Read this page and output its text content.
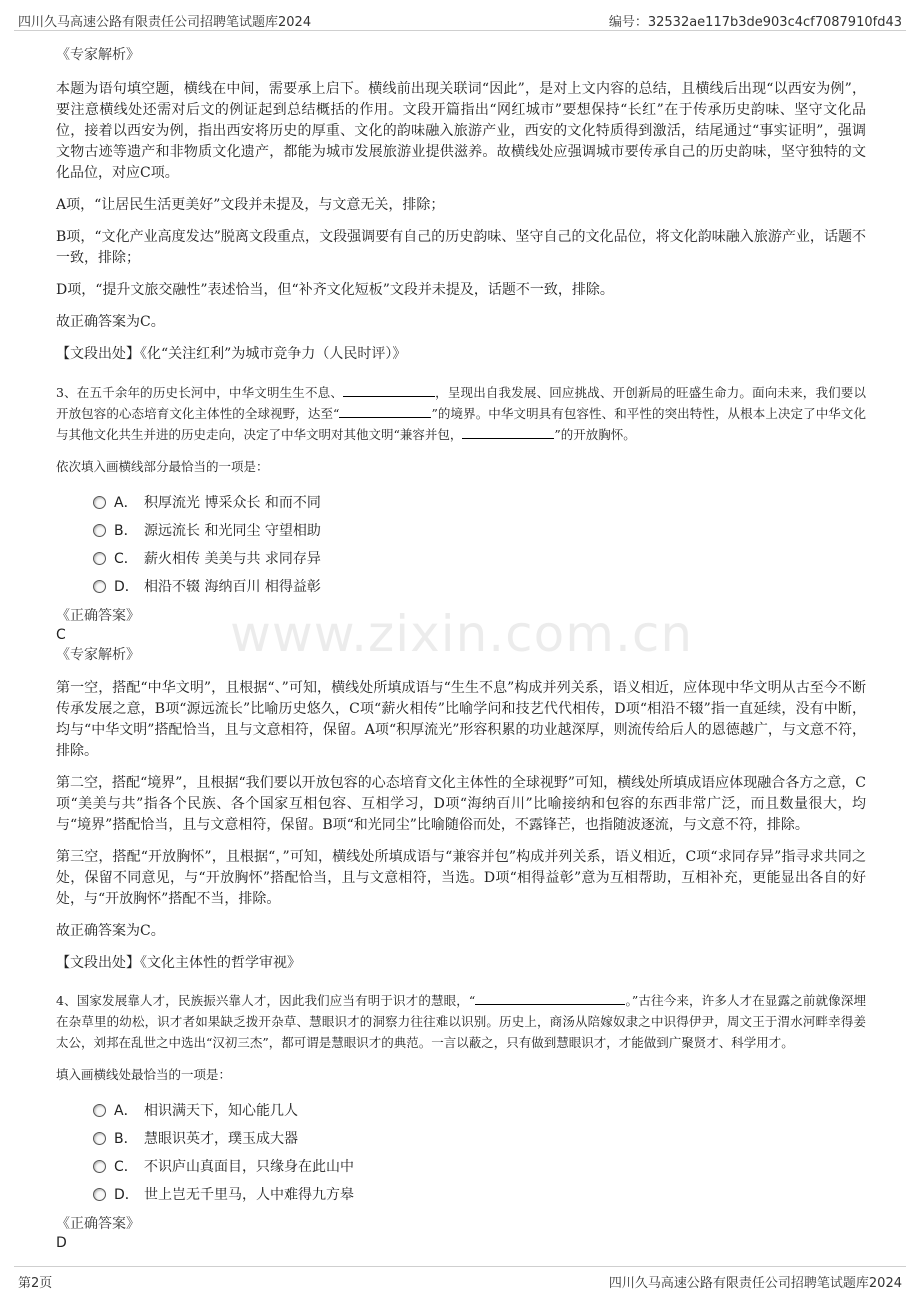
四川久马高速公路有限责任公司招聘笔试题库2024	编号：32532ae117b3de903c4cf7087910fd43
www.zixin.com.cn

《专家解析》

本题为语句填空题，横线在中间，需要承上启下。横线前出现关联词“因此”，是对上文内容的总结，且横线后出现“以西安为例”，要注意横线处还需对后文的例证起到总结概括的作用。文段开篇指出“网红城市”要想保持“长红”在于传承历史韵味、坚守文化品位，接着以西安为例，指出西安将历史的厚重、文化的韵味融入旅游产业，西安的文化特质得到激活，结尾通过“事实证明”，强调文物古迹等遗产和非物质文化遗产，都能为城市发展旅游业提供滋养。故横线处应强调城市要传承自己的历史韵味，坚守独特的文化品位，对应C项。

A项，“让居民生活更美好”文段并未提及，与文意无关，排除；

B项，“文化产业高度发达”脱离文段重点，文段强调要有自己的历史韵味、坚守自己的文化品位，将文化韵味融入旅游产业，话题不一致，排除；

D项，“提升文旅交融性”表述恰当，但“补齐文化短板”文段并未提及，话题不一致，排除。

故正确答案为C。

【文段出处】《化“关注红利”为城市竞争力（人民时评）》

3、在五千余年的历史长河中，中华文明生生不息、	，呈现出自我发展、回应挑战、开创新局的旺盛生命力。面向未来，我们要以开放包容的心态培育文化主体性的全球视野，达至“	”的境界。中华文明具有包容性、和平性的突出特性，从根本上决定了中华文化与其他文化共生并进的历史走向，决定了中华文明对其他文明“兼容并包，	”的开放胸怀。

依次填入画横线部分最恰当的一项是：

A． 积厚流光 博采众长 和而不同
B． 源远流长 和光同尘 守望相助
C． 薪火相传 美美与共 求同存异
D． 相沿不辍 海纳百川 相得益彰

《正确答案》

C

《专家解析》

第一空，搭配“中华文明”，且根据“、”可知，横线处所填成语与“生生不息”构成并列关系，语义相近，应体现中华文明从古至今不断传承发展之意，B项“源远流长”比喻历史悠久，C项“薪火相传”比喻学问和技艺代代相传，D项“相沿不辍”指一直延续，没有中断，均与“中华文明”搭配恰当，且与文意相符，保留。A项“积厚流光”形容积累的功业越深厚，则流传给后人的恩德越广，与文意不符，排除。

第二空，搭配“境界”，且根据“我们要以开放包容的心态培育文化主体性的全球视野”可知，横线处所填成语应体现融合各方之意，C项“美美与共”指各个民族、各个国家互相包容、互相学习，D项“海纳百川”比喻接纳和包容的东西非常广泛，而且数量很大，均与“境界”搭配恰当，且与文意相符，保留。B项“和光同尘”比喻随俗而处，不露锋芒，也指随波逐流，与文意不符，排除。

第三空，搭配“开放胸怀”，且根据“，”可知，横线处所填成语与“兼容并包”构成并列关系，语义相近，C项“求同存异”指寻求共同之处，保留不同意见，与“开放胸怀”搭配恰当，且与文意相符，当选。D项“相得益彰”意为互相帮助，互相补充，更能显出各自的好处，与“开放胸怀”搭配不当，排除。

故正确答案为C。

【文段出处】《文化主体性的哲学审视》

4、国家发展靠人才，民族振兴靠人才，因此我们应当有明于识才的慧眼，“	。”古往今来，许多人才在显露之前就像深埋在杂草里的幼松，识才者如果缺乏拨开杂草、慧眼识才的洞察力往往难以识别。历史上，商汤从陪嫁奴隶之中识得伊尹，周文王于渭水河畔幸得姜太公，刘邦在乱世之中选出“汉初三杰”，都可谓是慧眼识才的典范。一言以蔽之，只有做到慧眼识才，才能做到广聚贤才、科学用才。

填入画横线处最恰当的一项是：

A． 相识满天下，知心能几人
B． 慧眼识英才，璞玉成大器
C． 不识庐山真面目，只缘身在此山中
D． 世上岂无千里马，人中难得九方皋

《正确答案》

D

第2页	四川久马高速公路有限责任公司招聘笔试题库2024
